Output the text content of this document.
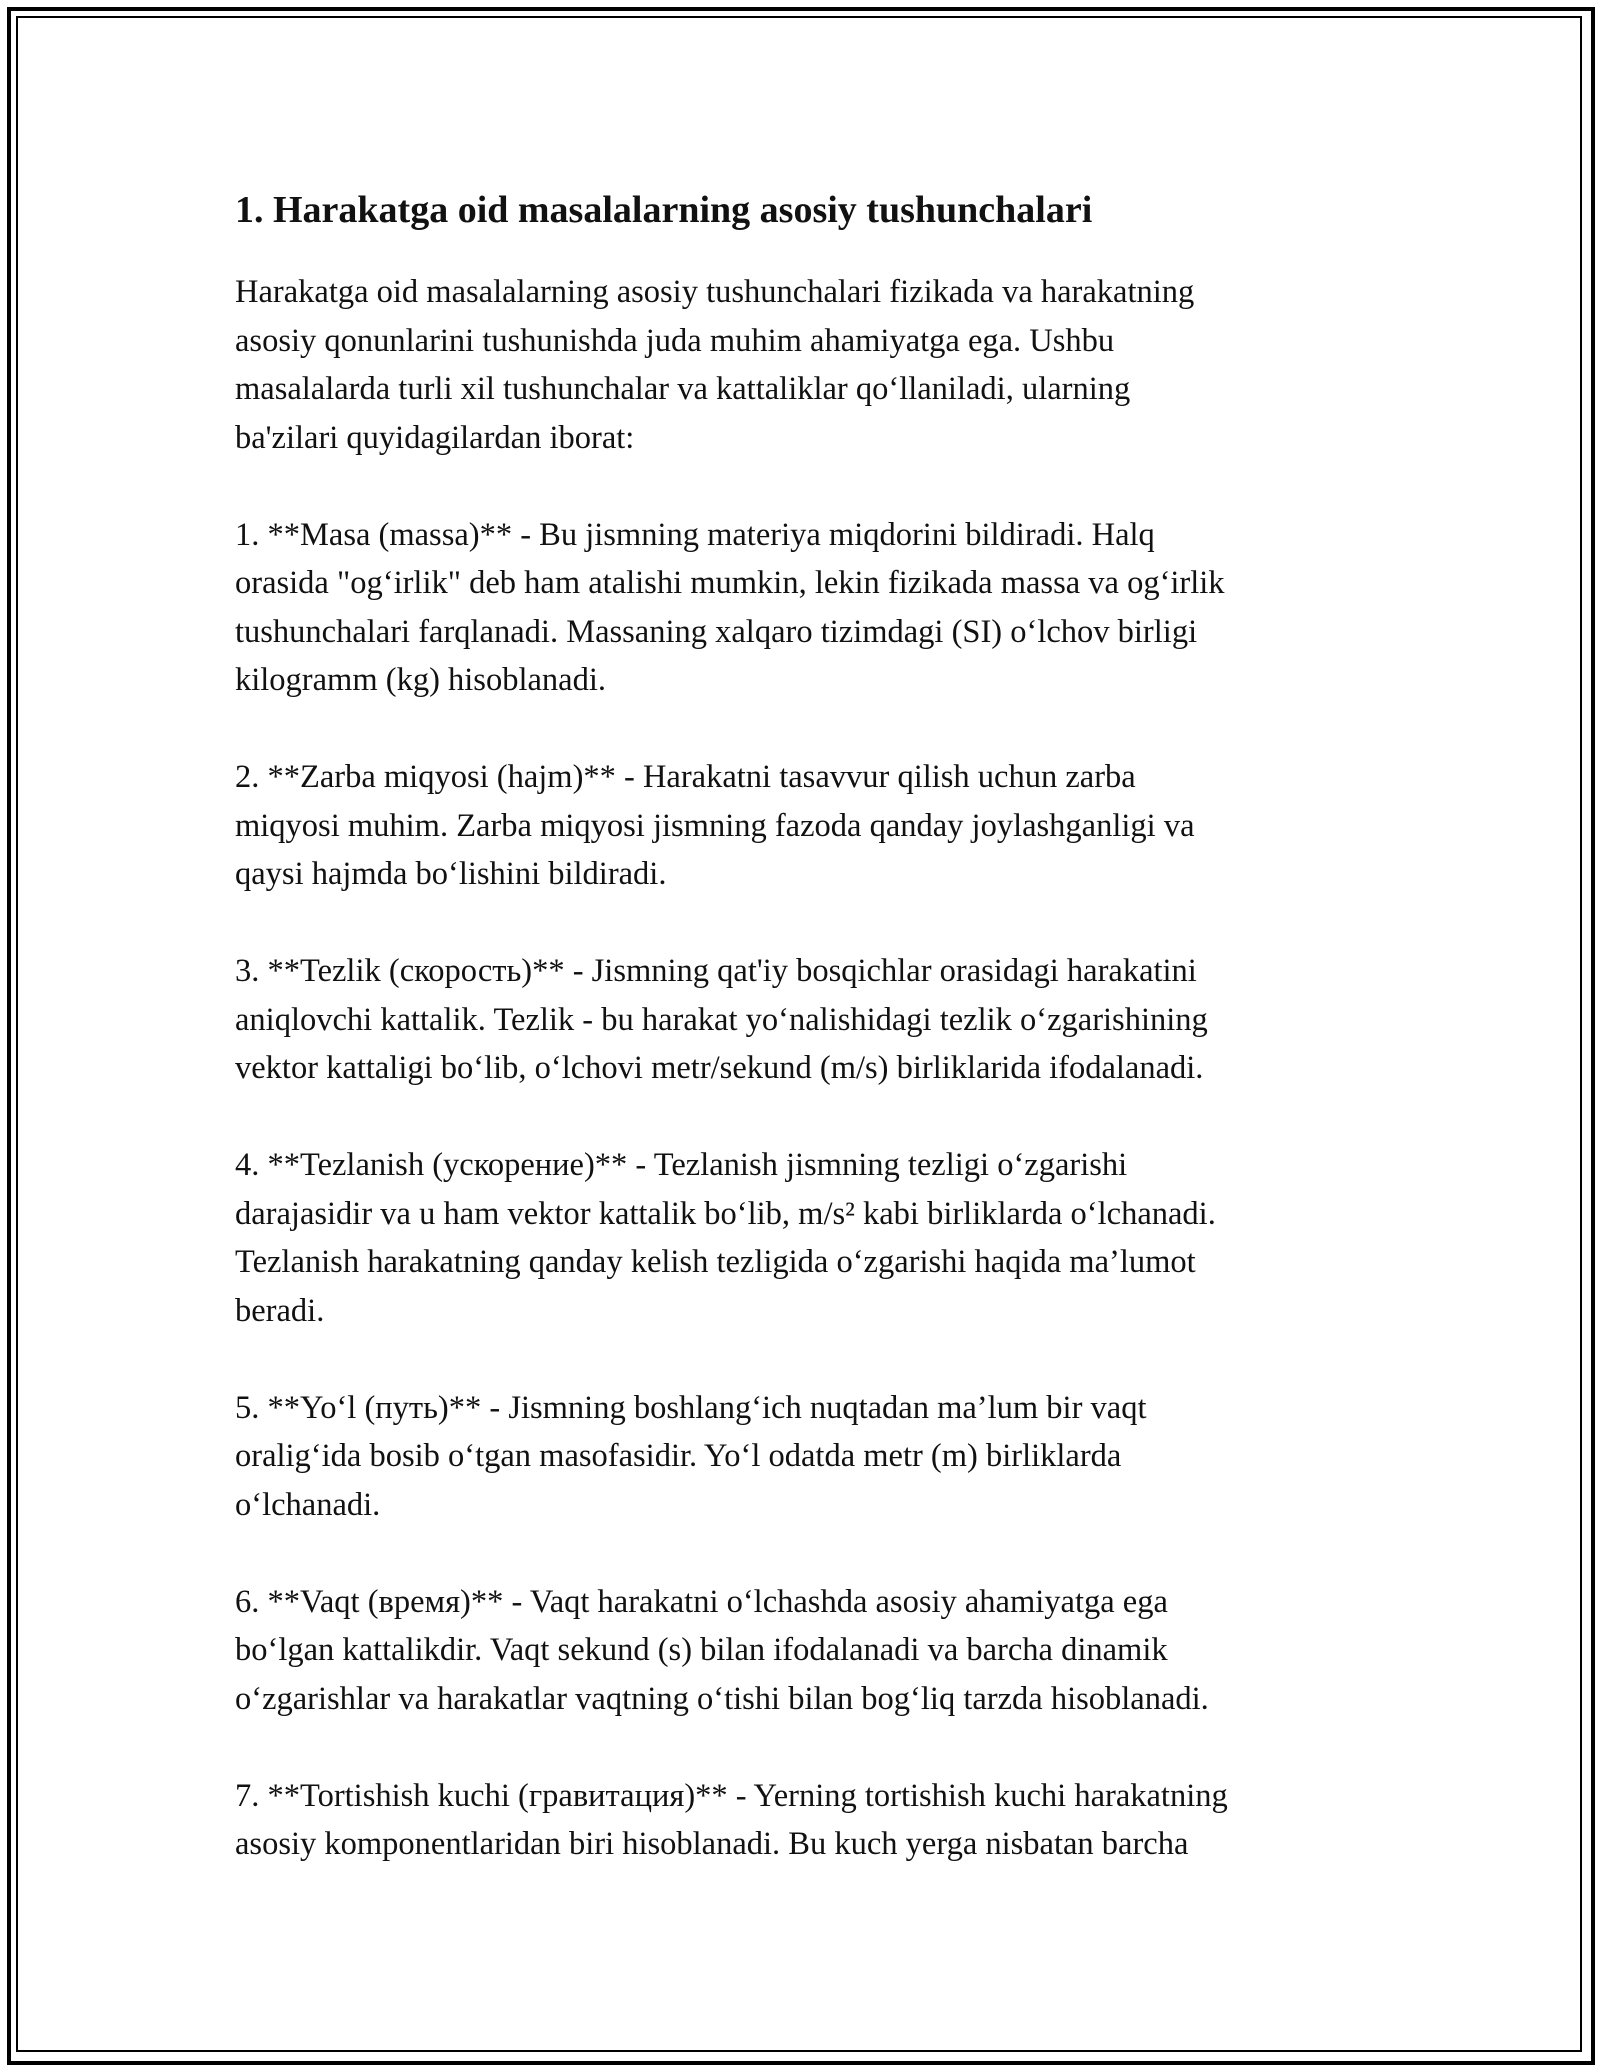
1. Harakatga oid masalalarning asosiy tushunchalari

Harakatga oid masalalarning asosiy tushunchalari fizikada va harakatning
asosiy qonunlarini tushunishda juda muhim ahamiyatga ega. Ushbu
masalalarda turli xil tushunchalar va kattaliklar qo‘llaniladi, ularning
ba'zilari quyidagilardan iborat:

1. **Masa (massa)** - Bu jismning materiya miqdorini bildiradi. Halq
orasida "og‘irlik" deb ham atalishi mumkin, lekin fizikada massa va og‘irlik
tushunchalari farqlanadi. Massaning xalqaro tizimdagi (SI) o‘lchov birligi
kilogramm (kg) hisoblanadi.

2. **Zarba miqyosi (hajm)** - Harakatni tasavvur qilish uchun zarba
miqyosi muhim. Zarba miqyosi jismning fazoda qanday joylashganligi va
qaysi hajmda bo‘lishini bildiradi.

3. **Tezlik (скорость)** - Jismning qat'iy bosqichlar orasidagi harakatini
aniqlovchi kattalik. Tezlik - bu harakat yo‘nalishidagi tezlik o‘zgarishining
vektor kattaligi bo‘lib, o‘lchovi metr/sekund (m/s) birliklarida ifodalanadi.

4. **Tezlanish (ускорение)** - Tezlanish jismning tezligi o‘zgarishi
darajasidir va u ham vektor kattalik bo‘lib, m/s² kabi birliklarda o‘lchanadi.
Tezlanish harakatning qanday kelish tezligida o‘zgarishi haqida ma’lumot
beradi.

5. **Yo‘l (путь)** - Jismning boshlang‘ich nuqtadan ma’lum bir vaqt
oralig‘ida bosib o‘tgan masofasidir. Yo‘l odatda metr (m) birliklarda
o‘lchanadi.

6. **Vaqt (время)** - Vaqt harakatni o‘lchashda asosiy ahamiyatga ega
bo‘lgan kattalikdir. Vaqt sekund (s) bilan ifodalanadi va barcha dinamik
o‘zgarishlar va harakatlar vaqtning o‘tishi bilan bog‘liq tarzda hisoblanadi.

7. **Tortishish kuchi (гравитация)** - Yerning tortishish kuchi harakatning
asosiy komponentlaridan biri hisoblanadi. Bu kuch yerga nisbatan barcha
